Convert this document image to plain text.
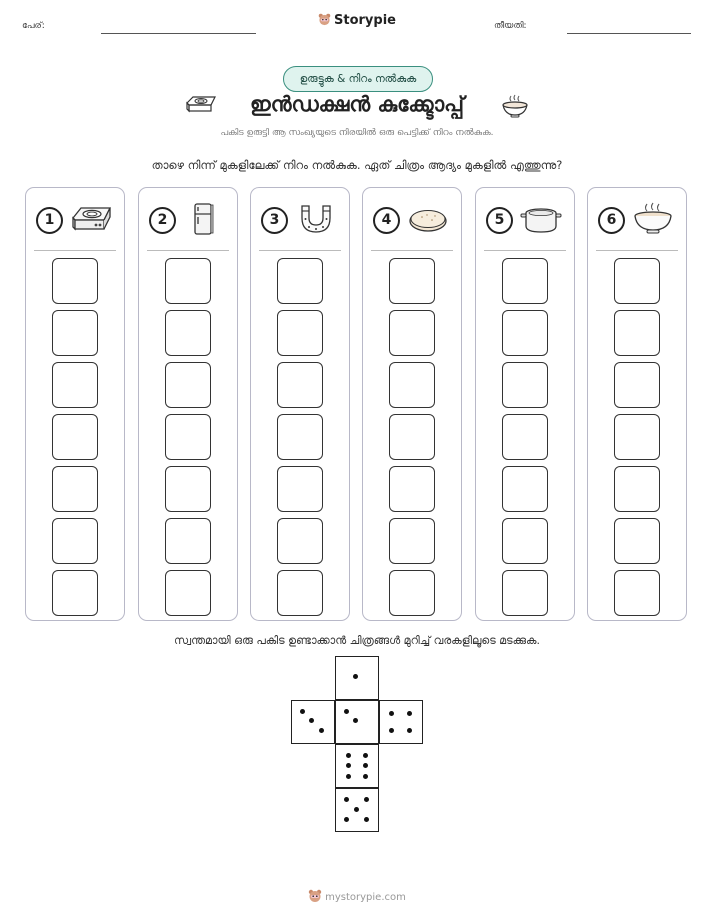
പേര്:	Storypie	തീയതി:
ഉരുട്ടുക & നിറം നൽകുക
ഇൻഡക്ഷൻ കുക്ക്ടോപ്പ്
പകിട ഉരുട്ടി ആ സംഖ്യയുടെ നിരയിൽ ഒരു പെട്ടിക്ക് നിറം നൽകുക.
താഴെ നിന്ന് മുകളിലേക്ക് നിറം നൽകുക. ഏത് ചിത്രം ആദ്യം മുകളിൽ എത്തുന്നു?
1	2	3	4	5	6
സ്വന്തമായി ഒരു പകിട ഉണ്ടാക്കാൻ ചിത്രങ്ങൾ മുറിച്ച് വരകളിലൂടെ മടക്കുക.
mystorypie.com
